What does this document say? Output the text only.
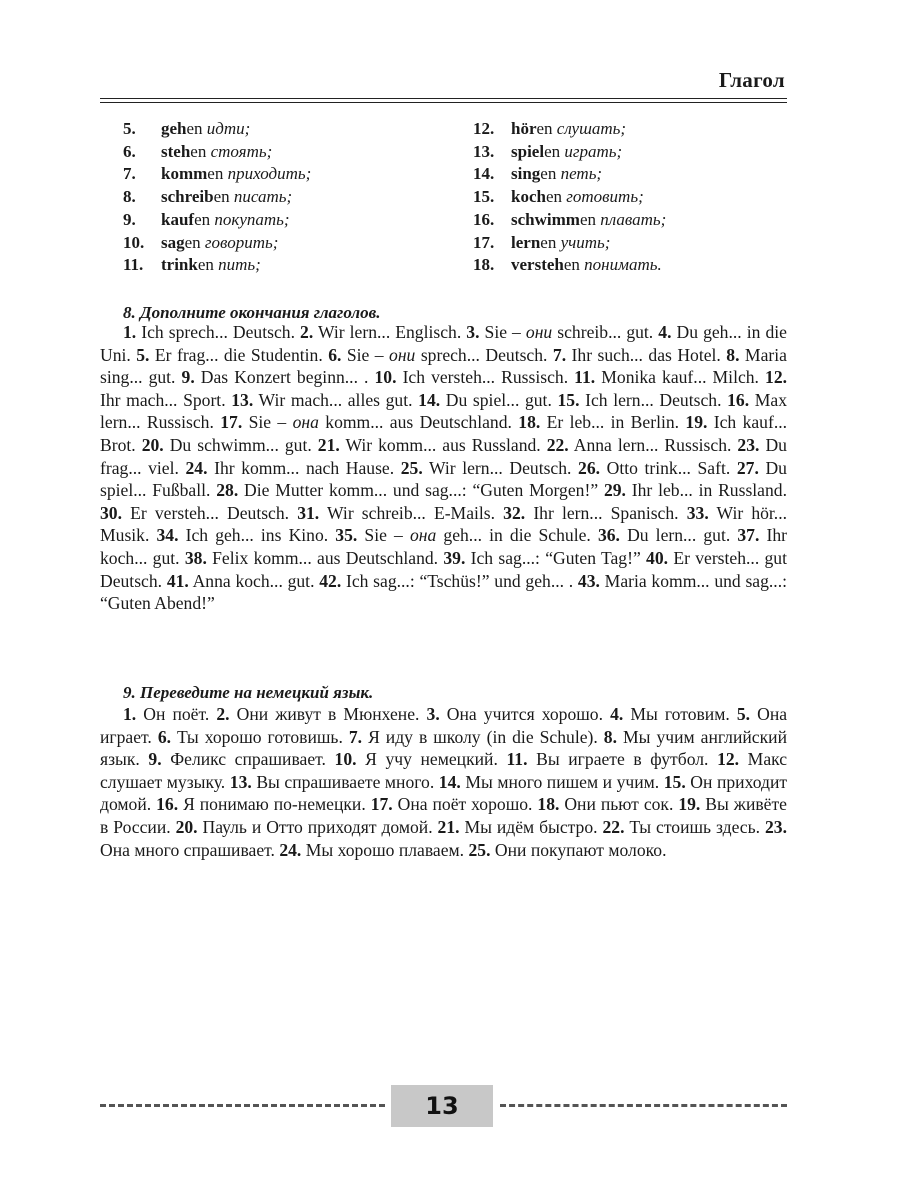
Глагол
5. gehen идти;
6. stehen стоять;
7. kommen приходить;
8. schreiben писать;
9. kaufen покупать;
10. sagen говорить;
11. trinken пить;
12. hören слушать;
13. spielen играть;
14. singen петь;
15. kochen готовить;
16. schwimmen плавать;
17. lernen учить;
18. verstehen понимать.
8. Дополните окончания глаголов.

1. Ich sprech... Deutsch. 2. Wir lern... Englisch. 3. Sie – они schreib... gut. 4. Du geh... in die Uni. 5. Er frag... die Studentin. 6. Sie – они sprech... Deutsch. 7. Ihr such... das Hotel. 8. Maria sing... gut. 9. Das Konzert beginn... . 10. Ich versteh... Russisch. 11. Monika kauf... Milch. 12. Ihr mach... Sport. 13. Wir mach... alles gut. 14. Du spiel... gut. 15. Ich lern... Deutsch. 16. Max lern... Russisch. 17. Sie – она komm... aus Deutschland. 18. Er leb... in Berlin. 19. Ich kauf... Brot. 20. Du schwimm... gut. 21. Wir komm... aus Russland. 22. Anna lern... Russisch. 23. Du frag... viel. 24. Ihr komm... nach Hause. 25. Wir lern... Deutsch. 26. Otto trink... Saft. 27. Du spiel... Fußball. 28. Die Mutter komm... und sag...: “Guten Morgen!” 29. Ihr leb... in Russland. 30. Er versteh... Deutsch. 31. Wir schreib... E-Mails. 32. Ihr lern... Spanisch. 33. Wir hör... Musik. 34. Ich geh... ins Kino. 35. Sie – она geh... in die Schule. 36. Du lern... gut. 37. Ihr koch... gut. 38. Felix komm... aus Deutschland. 39. Ich sag...: “Guten Tag!” 40. Er versteh... gut Deutsch. 41. Anna koch... gut. 42. Ich sag...: “Tschüs!” und geh... . 43. Maria komm... und sag...: “Guten Abend!”

9. Переведите на немецкий язык.

1. Он поёт. 2. Они живут в Мюнхене. 3. Она учится хорошо. 4. Мы готовим. 5. Она играет. 6. Ты хорошо готовишь. 7. Я иду в школу (in die Schule). 8. Мы учим английский язык. 9. Феликс спрашивает. 10. Я учу немецкий. 11. Вы играете в футбол. 12. Макс слушает музыку. 13. Вы спрашиваете много. 14. Мы много пишем и учим. 15. Он приходит домой. 16. Я понимаю по-немецки. 17. Она поёт хорошо. 18. Они пьют сок. 19. Вы живёте в России. 20. Пауль и Отто приходят домой. 21. Мы идём быстро. 22. Ты стоишь здесь. 23. Она много спрашивает. 24. Мы хорошо плаваем. 25. Они покупают молоко.

13
